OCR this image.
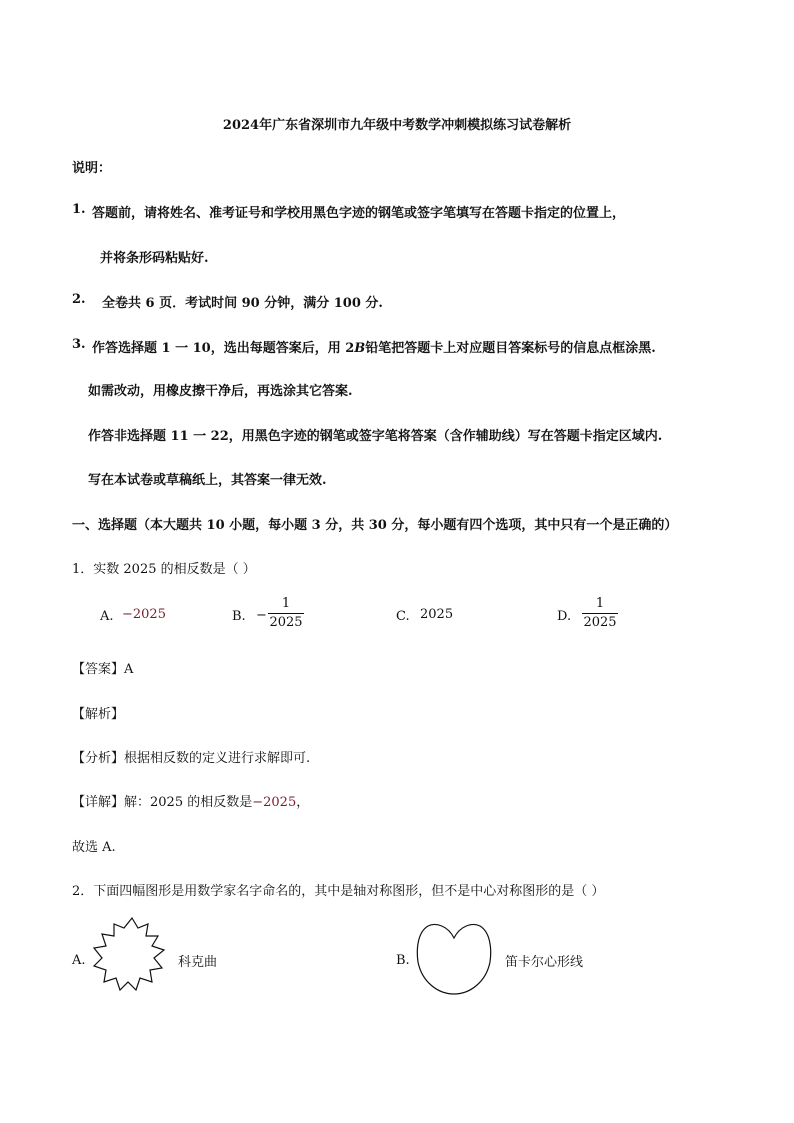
2024年广东省深圳市九年级中考数学冲刺模拟练习试卷解析
说明：
1. 答题前，请将姓名、准考证号和学校用黑色字迹的钢笔或签字笔填写在答题卡指定的位置上，
并将条形码粘贴好.
2. 全卷共 6 页．考试时间 90 分钟，满分 100 分.
3. 作答选择题 1 一 10，选出每题答案后，用 2B铅笔把答题卡上对应题目答案标号的信息点框涂黑.
如需改动，用橡皮擦干净后，再选涂其它答案.
作答非选择题 11 一 22，用黑色字迹的钢笔或签字笔将答案（含作辅助线）写在答题卡指定区域内.
写在本试卷或草稿纸上，其答案一律无效.
一、选择题（本大题共 10 小题，每小题 3 分，共 30 分，每小题有四个选项，其中只有一个是正确的）
1．实数 2025 的相反数是（ ）
A. −2025	B. −
1
2025	C. 2025	D.
1
2025
【答案】A
【解析】
【分析】根据相反数的定义进行求解即可.
【详解】解：2025 的相反数是−2025，
故选 A.
2．下面四幅图形是用数学家名字命名的，其中是轴对称图形，但不是中心对称图形的是（ ）
A.	科克曲	B.	笛卡尔心形线
